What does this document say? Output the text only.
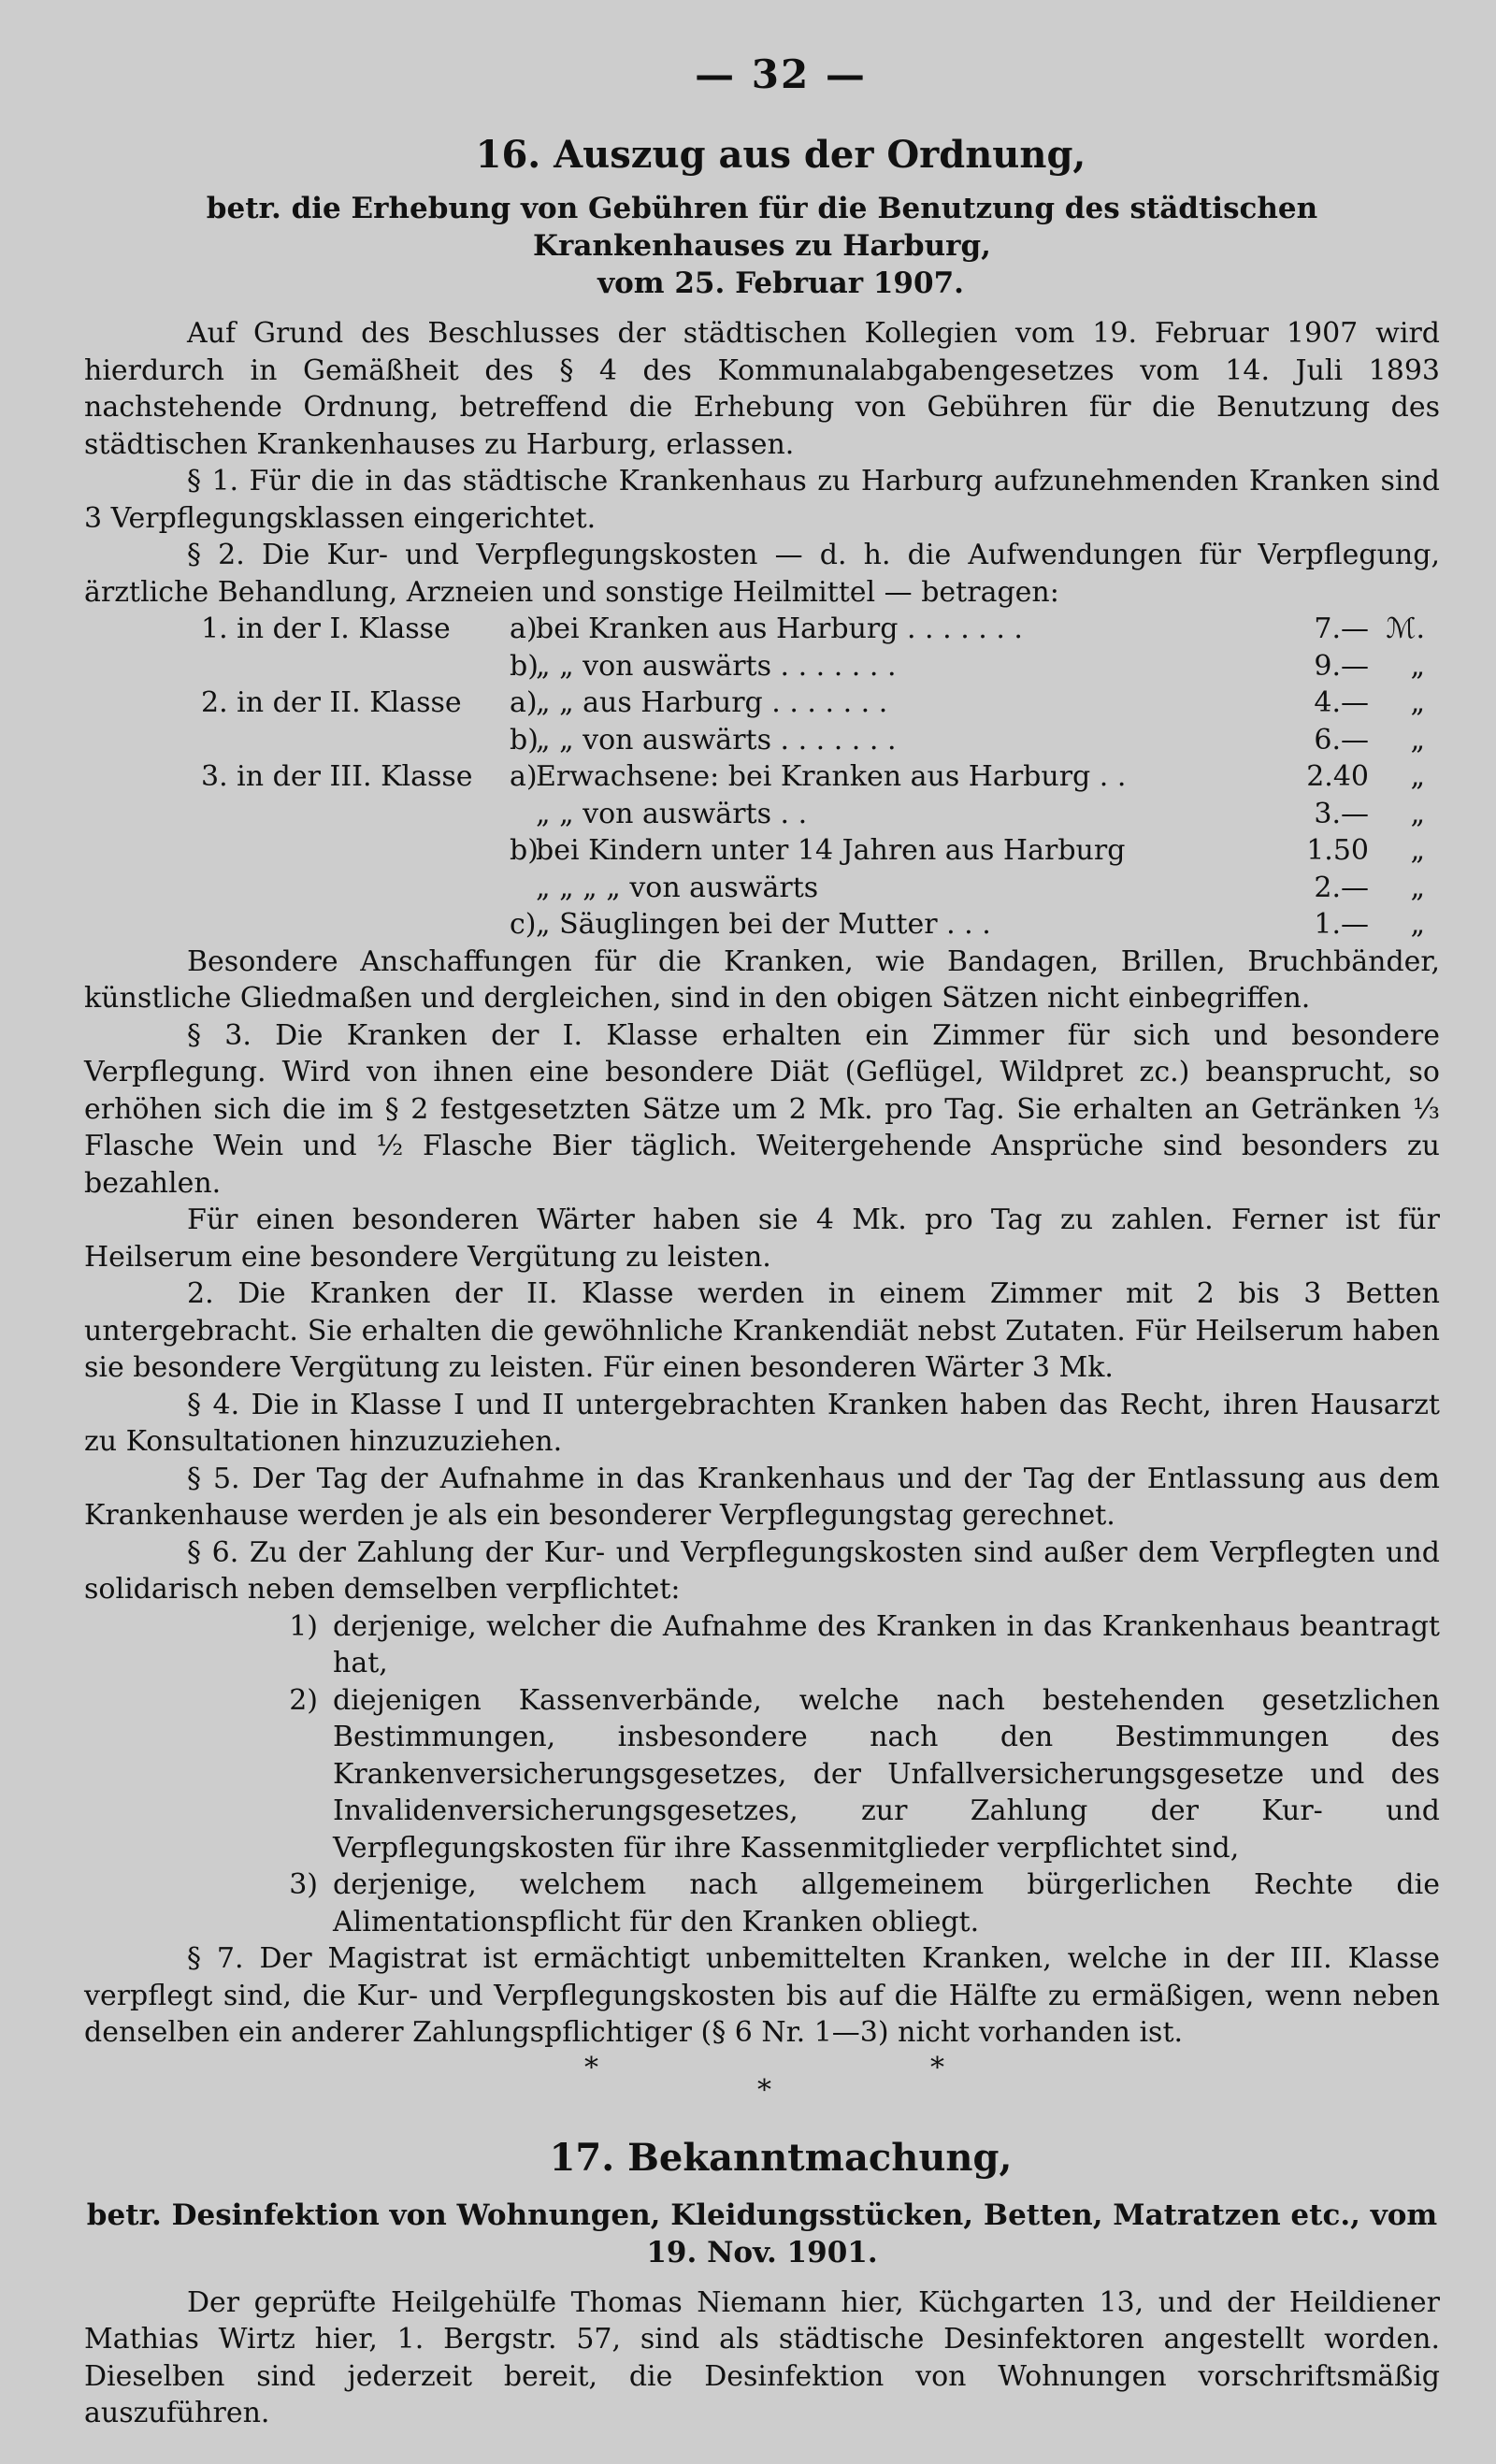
— 32 —
16. Auszug aus der Ordnung,
betr. die Erhebung von Gebühren für die Benutzung des städtischen Krankenhauses zu Harburg,
vom 25. Februar 1907.

Auf Grund des Beschlusses der städtischen Kollegien vom 19. Februar 1907 wird hierdurch in Gemäßheit des § 4 des Kommunalabgabengesetzes vom 14. Juli 1893 nachstehende Ordnung, betreffend die Erhebung von Gebühren für die Benutzung des städtischen Krankenhauses zu Harburg, erlassen.

§ 1. Für die in das städtische Krankenhaus zu Harburg aufzunehmenden Kranken sind 3 Verpflegungsklassen eingerichtet.

§ 2. Die Kur- und Verpflegungskosten — d. h. die Aufwendungen für Verpflegung, ärztliche Behandlung, Arzneien und sonstige Heilmittel — betragen:

1. in der I. Klasse	a)	bei Kranken aus Harburg . . . . . . .	7.—	ℳ.
	b)	„ „ von auswärts . . . . . . .	9.—	„
2. in der II. Klasse	a)	„ „ aus Harburg . . . . . . .	4.—	„
	b)	„ „ von auswärts . . . . . . .	6.—	„
3. in der III. Klasse	a)	Erwachsene: bei Kranken aus Harburg . .	2.40	„
		„ „ von auswärts . .	3.—	„
	b)	bei Kindern unter 14 Jahren aus Harburg	1.50	„
		„ „ „ „ von auswärts	2.—	„
	c)	„ Säuglingen bei der Mutter . . .	1.—	„

Besondere Anschaffungen für die Kranken, wie Bandagen, Brillen, Bruchbänder, künstliche Gliedmaßen und dergleichen, sind in den obigen Sätzen nicht einbegriffen.

§ 3. Die Kranken der I. Klasse erhalten ein Zimmer für sich und besondere Verpflegung. Wird von ihnen eine besondere Diät (Geflügel, Wildpret zc.) beansprucht, so erhöhen sich die im § 2 festgesetzten Sätze um 2 Mk. pro Tag. Sie erhalten an Getränken ⅓ Flasche Wein und ½ Flasche Bier täglich. Weitergehende Ansprüche sind besonders zu bezahlen.

Für einen besonderen Wärter haben sie 4 Mk. pro Tag zu zahlen. Ferner ist für Heilserum eine besondere Vergütung zu leisten.

2. Die Kranken der II. Klasse werden in einem Zimmer mit 2 bis 3 Betten untergebracht. Sie erhalten die gewöhnliche Krankendiät nebst Zutaten. Für Heilserum haben sie besondere Vergütung zu leisten. Für einen besonderen Wärter 3 Mk.

§ 4. Die in Klasse I und II untergebrachten Kranken haben das Recht, ihren Hausarzt zu Konsultationen hinzuzuziehen.

§ 5. Der Tag der Aufnahme in das Krankenhaus und der Tag der Entlassung aus dem Krankenhause werden je als ein besonderer Verpflegungstag gerechnet.

§ 6. Zu der Zahlung der Kur- und Verpflegungskosten sind außer dem Verpflegten und solidarisch neben demselben verpflichtet:

1) derjenige, welcher die Aufnahme des Kranken in das Krankenhaus beantragt hat,
2) diejenigen Kassenverbände, welche nach bestehenden gesetzlichen Bestimmungen, insbesondere nach den Bestimmungen des Krankenversicherungsgesetzes, der Unfallversicherungsgesetze und des Invalidenversicherungsgesetzes, zur Zahlung der Kur- und Verpflegungskosten für ihre Kassenmitglieder verpflichtet sind,
3) derjenige, welchem nach allgemeinem bürgerlichen Rechte die Alimentationspflicht für den Kranken obliegt.

§ 7. Der Magistrat ist ermächtigt unbemittelten Kranken, welche in der III. Klasse verpflegt sind, die Kur- und Verpflegungskosten bis auf die Hälfte zu ermäßigen, wenn neben denselben ein anderer Zahlungspflichtiger (§ 6 Nr. 1—3) nicht vorhanden ist.

*
*
*
17. Bekanntmachung,
betr. Desinfektion von Wohnungen, Kleidungsstücken, Betten, Matratzen etc., vom 19. Nov. 1901.

Der geprüfte Heilgehülfe Thomas Niemann hier, Küchgarten 13, und der Heildiener Mathias Wirtz hier, 1. Bergstr. 57, sind als städtische Desinfektoren angestellt worden. Dieselben sind jederzeit bereit, die Desinfektion von Wohnungen vorschriftsmäßig auszuführen.
